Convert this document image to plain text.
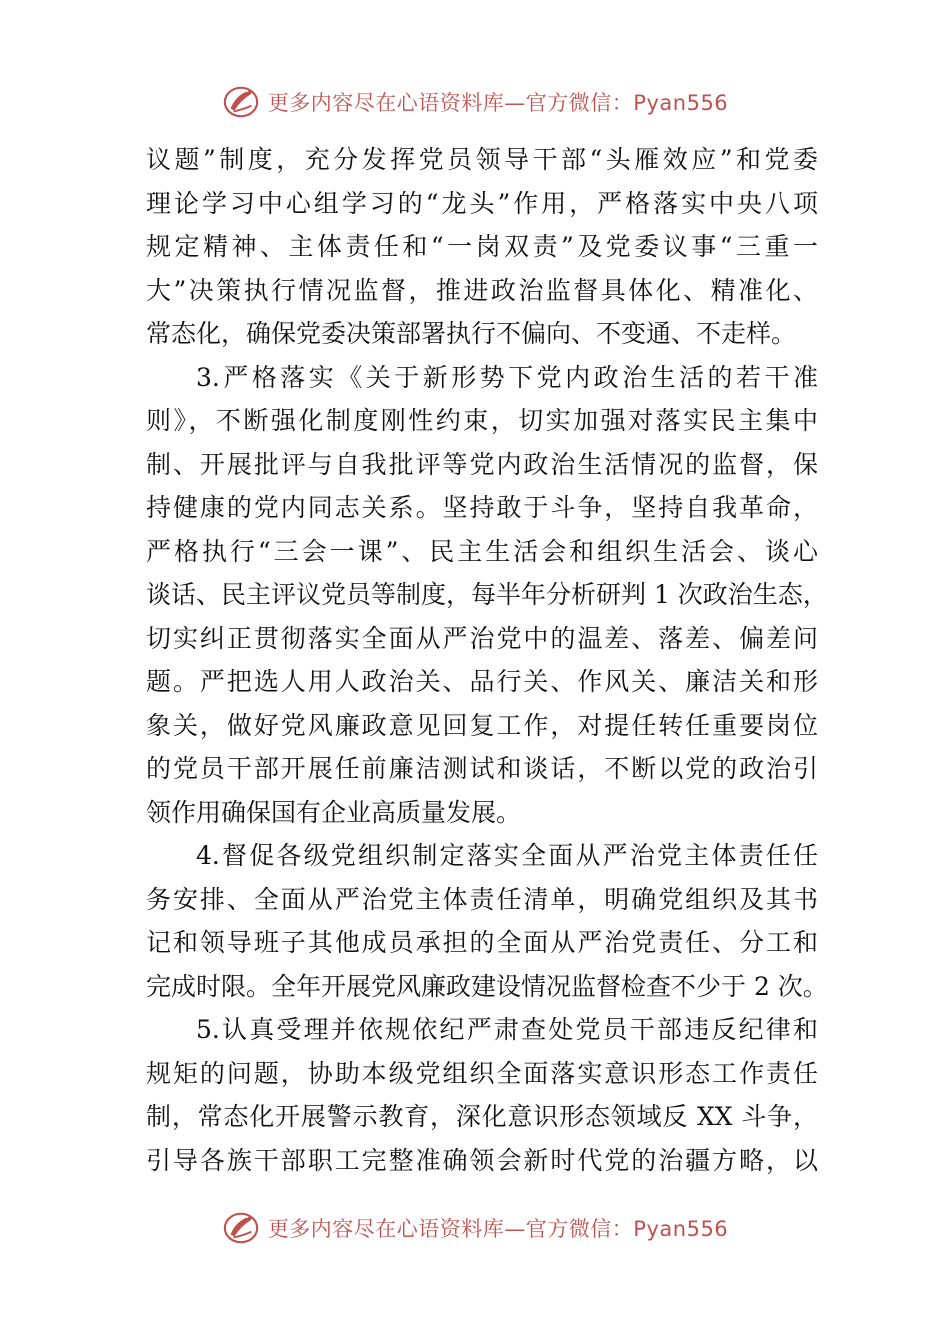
更多内容尽在心语资料库—官方微信：Pyan556
议题”制度，充分发挥党员领导干部“头雁效应”和党委
理论学习中心组学习的“龙头”作用，严格落实中央八项
规定精神、主体责任和“一岗双责”及党委议事“三重一
大”决策执行情况监督，推进政治监督具体化、精准化、
常态化，确保党委决策部署执行不偏向、不变通、不走样。
3.严格落实《关于新形势下党内政治生活的若干准
则》，不断强化制度刚性约束，切实加强对落实民主集中
制、开展批评与自我批评等党内政治生活情况的监督，保
持健康的党内同志关系。坚持敢于斗争，坚持自我革命，
严格执行“三会一课”、民主生活会和组织生活会、谈心
谈话、民主评议党员等制度，每半年分析研判 1 次政治生态，
切实纠正贯彻落实全面从严治党中的温差、落差、偏差问
题。严把选人用人政治关、品行关、作风关、廉洁关和形
象关，做好党风廉政意见回复工作，对提任转任重要岗位
的党员干部开展任前廉洁测试和谈话，不断以党的政治引
领作用确保国有企业高质量发展。
4.督促各级党组织制定落实全面从严治党主体责任任
务安排、全面从严治党主体责任清单，明确党组织及其书
记和领导班子其他成员承担的全面从严治党责任、分工和
完成时限。全年开展党风廉政建设情况监督检查不少于 2 次。
5.认真受理并依规依纪严肃查处党员干部违反纪律和
规矩的问题，协助本级党组织全面落实意识形态工作责任
制，常态化开展警示教育，深化意识形态领域反 XX 斗争，
引导各族干部职工完整准确领会新时代党的治疆方略，以
更多内容尽在心语资料库—官方微信：Pyan556
